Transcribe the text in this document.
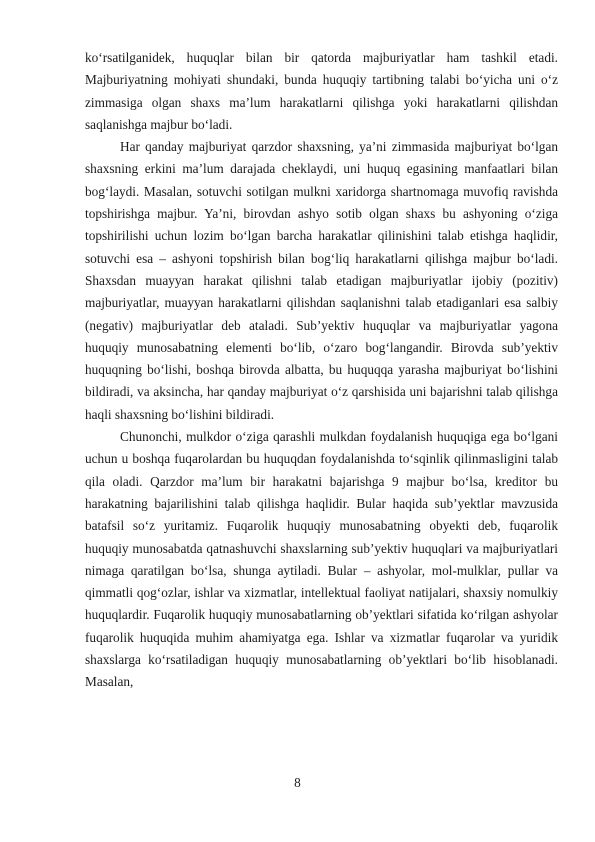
ko‘rsatilganidek, huquqlar bilan bir qatorda majburiyatlar ham tashkil etadi. Majburiyatning mohiyati shundaki, bunda huquqiy tartibning talabi bo‘yicha uni o‘z zimmasiga olgan shaxs ma’lum harakatlarni qilishga yoki harakatlarni qilishdan saqlanishga majbur bo‘ladi.

Har qanday majburiyat qarzdor shaxsning, ya’ni zimmasida majburiyat bo‘lgan shaxsning erkini ma’lum darajada cheklaydi, uni huquq egasining manfaatlari bilan bog‘laydi. Masalan, sotuvchi sotilgan mulkni xaridorga shartnomaga muvofiq ravishda topshirishga majbur. Ya’ni, birovdan ashyo sotib olgan shaxs bu ashyoning o‘ziga topshirilishi uchun lozim bo‘lgan barcha harakatlar qilinishini talab etishga haqlidir, sotuvchi esa – ashyoni topshirish bilan bog‘liq harakatlarni qilishga majbur bo‘ladi. Shaxsdan muayyan harakat qilishni talab etadigan majburiyatlar ijobiy (pozitiv) majburiyatlar, muayyan harakatlarni qilishdan saqlanishni talab etadiganlari esa salbiy (negativ) majburiyatlar deb ataladi. Sub’yektiv huquqlar va majburiyatlar yagona huquqiy munosabatning elementi bo‘lib, o‘zaro bog‘langandir. Birovda sub’yektiv huquqning bo‘lishi, boshqa birovda albatta, bu huquqqa yarasha majburiyat bo‘lishini bildiradi, va aksincha, har qanday majburiyat o‘z qarshisida uni bajarishni talab qilishga haqli shaxsning bo‘lishini bildiradi.

Chunonchi, mulkdor o‘ziga qarashli mulkdan foydalanish huquqiga ega bo‘lgani uchun u boshqa fuqarolardan bu huquqdan foydalanishda to‘sqinlik qilinmasligini talab qila oladi. Qarzdor ma’lum bir harakatni bajarishga 9 majbur bo‘lsa, kreditor bu harakatning bajarilishini talab qilishga haqlidir. Bular haqida sub’yektlar mavzusida batafsil so‘z yuritamiz. Fuqarolik huquqiy munosabatning obyekti deb, fuqarolik huquqiy munosabatda qatnashuvchi shaxslarning sub’yektiv huquqlari va majburiyatlari nimaga qaratilgan bo‘lsa, shunga aytiladi. Bular – ashyolar, mol-mulklar, pullar va qimmatli qog‘ozlar, ishlar va xizmatlar, intellektual faoliyat natijalari, shaxsiy nomulkiy huquqlardir. Fuqarolik huquqiy munosabatlarning ob’yektlari sifatida ko‘rilgan ashyolar fuqarolik huquqida muhim ahamiyatga ega. Ishlar va xizmatlar fuqarolar va yuridik shaxslarga ko‘rsatiladigan huquqiy munosabatlarning ob’yektlari bo‘lib hisoblanadi. Masalan,

8
